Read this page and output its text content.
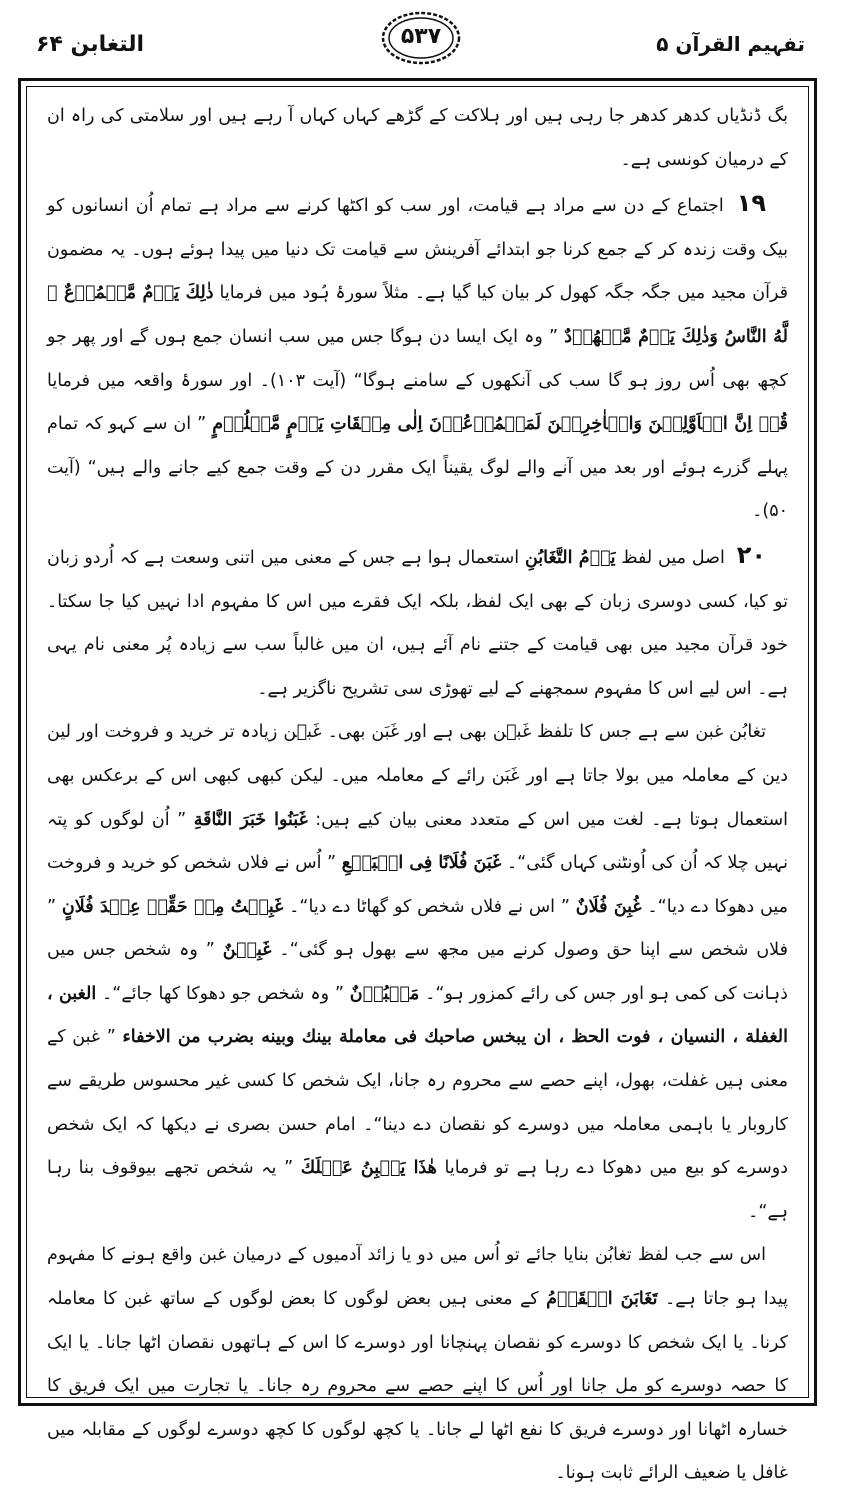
التغابن ۶۴	۵۳۷	تفہیم القرآن ۵

بگ ڈنڈیاں کدھر کدھر جا رہی ہیں اور ہلاکت کے گڑھے کہاں کہاں آ رہے ہیں اور سلامتی کی راہ ان کے درمیان کونسی ہے۔

۱۹ اجتماع کے دن سے مراد ہے قیامت، اور سب کو اکٹھا کرنے سے مراد ہے تمام اُن انسانوں کو بیک وقت زندہ کر کے جمع کرنا جو ابتدائے آفرینش سے قیامت تک دنیا میں پیدا ہوئے ہوں۔ یہ مضمون قرآن مجید میں جگہ جگہ کھول کر بیان کیا گیا ہے۔ مثلاً سورۂ ہُود میں فرمایا ذٰلِكَ يَوۡمٌ مَّجۡمُوۡعٌ ۙ لَّهُ النَّاسُ وَذٰلِكَ يَوۡمٌ مَّشۡهُوۡدٌ ” وہ ایک ایسا دن ہوگا جس میں سب انسان جمع ہوں گے اور پھر جو کچھ بھی اُس روز ہو گا سب کی آنکھوں کے سامنے ہوگا“ (آیت ۱۰۳)۔ اور سورۂ واقعہ میں فرمایا قُلۡ اِنَّ الۡاَوَّلِيۡنَ وَالۡاٰخِرِيۡنَ لَمَجۡمُوۡعُوۡنَ اِلٰى مِيۡقَاتِ يَوۡمٍ مَّعۡلُوۡمٍ ” ان سے کہو کہ تمام پہلے گزرے ہوئے اور بعد میں آنے والے لوگ یقیناً ایک مقرر دن کے وقت جمع کیے جانے والے ہیں“ (آیت ۵۰)۔

۲۰ اصل میں لفظ يَوۡمُ التَّغَابُنِ استعمال ہوا ہے جس کے معنی میں اتنی وسعت ہے کہ اُردو زبان تو کیا، کسی دوسری زبان کے بھی ایک لفظ، بلکہ ایک فقرے میں اس کا مفہوم ادا نہیں کیا جا سکتا۔ خود قرآن مجید میں بھی قیامت کے جتنے نام آئے ہیں، ان میں غالباً سب سے زیادہ پُر معنی نام یہی ہے۔ اس لیے اس کا مفہوم سمجھنے کے لیے تھوڑی سی تشریح ناگزیر ہے۔

تغابُن غبن سے ہے جس کا تلفظ غَبۡن بھی ہے اور غَبَن بھی۔ غَبۡن زیادہ تر خرید و فروخت اور لین دین کے معاملہ میں بولا جاتا ہے اور غَبَن رائے کے معاملہ میں۔ لیکن کبھی کبھی اس کے برعکس بھی استعمال ہوتا ہے۔ لغت میں اس کے متعدد معنی بیان کیے ہیں: غَبَنُوا خَبَرَ النَّاقَةِ ” اُن لوگوں کو پتہ نہیں چلا کہ اُن کی اُونٹنی کہاں گئی“۔ غَبَنَ فُلَانًا فِی الۡبَيۡعِ ” اُس نے فلاں شخص کو خرید و فروخت میں دھوکا دے دیا“۔ غُبِنَ فُلَانٌ ” اس نے فلاں شخص کو گھاٹا دے دیا“۔ غَبِنۡتُ مِنۡ حَقِّىۡ عِنۡدَ فُلَانٍ ” فلاں شخص سے اپنا حق وصول کرنے میں مجھ سے بھول ہو گئی“۔ غَبِيۡنٌ ” وہ شخص جس میں ذہانت کی کمی ہو اور جس کی رائے کمزور ہو“۔ مَغۡبُوۡنٌ ” وہ شخص جو دھوکا کھا جائے“۔ الغبن ، الغفلة ، النسيان ، فوت الحظ ، ان يبخس صاحبك فی معاملة بينك وبينه بضرب من الاخفاء ” غبن کے معنی ہیں غفلت، بھول، اپنے حصے سے محروم رہ جانا، ایک شخص کا کسی غیر محسوس طریقے سے کاروبار یا باہمی معاملہ میں دوسرے کو نقصان دے دینا“۔ امام حسن بصری نے دیکھا کہ ایک شخص دوسرے کو بیع میں دھوکا دے رہا ہے تو فرمایا هٰذَا يَغۡبِنُ عَقۡلَكَ ” یہ شخص تجھے بیوقوف بنا رہا ہے“۔

اس سے جب لفظ تغابُن بنایا جائے تو اُس میں دو یا زائد آدمیوں کے درمیان غبن واقع ہونے کا مفہوم پیدا ہو جاتا ہے۔ تَغَابَنَ الۡقَوۡمُ کے معنی ہیں بعض لوگوں کا بعض لوگوں کے ساتھ غبن کا معاملہ کرنا۔ یا ایک شخص کا دوسرے کو نقصان پہنچانا اور دوسرے کا اس کے ہاتھوں نقصان اٹھا جانا۔ یا ایک کا حصہ دوسرے کو مل جانا اور اُس کا اپنے حصے سے محروم رہ جانا۔ یا تجارت میں ایک فریق کا خسارہ اٹھانا اور دوسرے فریق کا نفع اٹھا لے جانا۔ یا کچھ لوگوں کا کچھ دوسرے لوگوں کے مقابلہ میں غافل یا ضعیف الرائے ثابت ہونا۔
